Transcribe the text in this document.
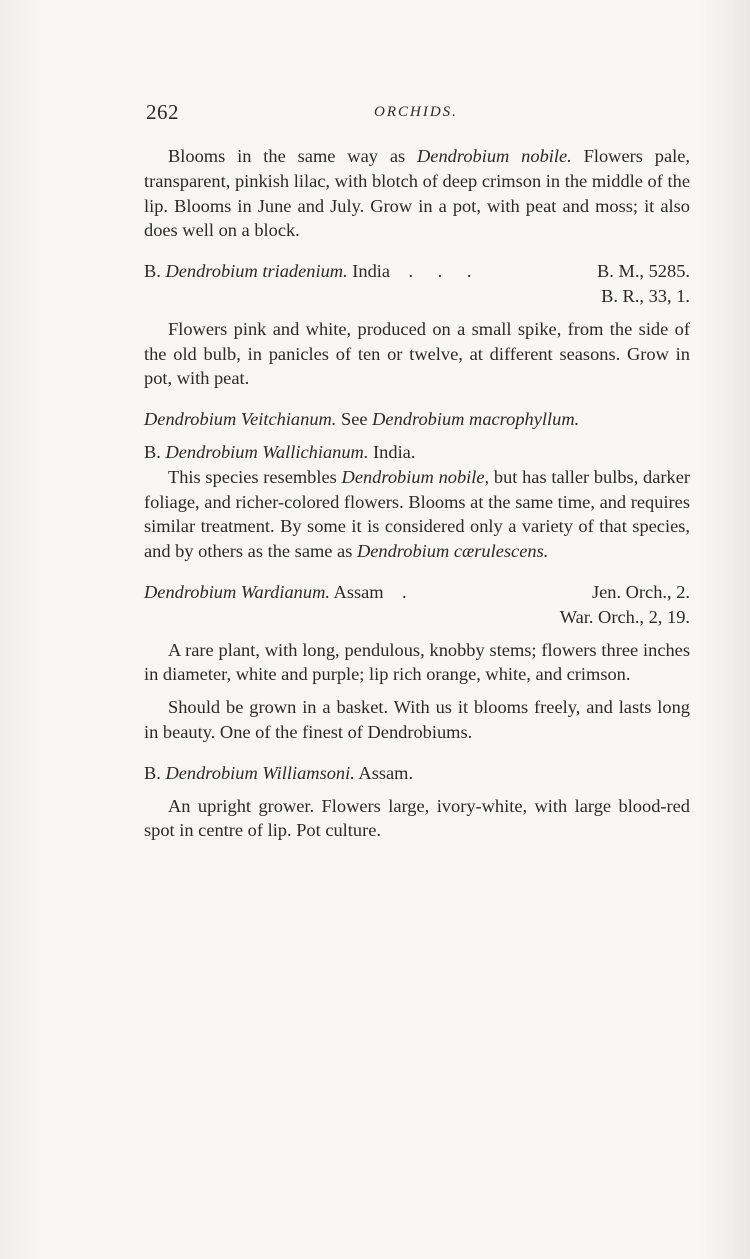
262	ORCHIDS.

Blooms in the same way as Dendrobium nobile. Flowers pale, transparent, pinkish lilac, with blotch of deep crimson in the middle of the lip. Blooms in June and July. Grow in a pot, with peat and moss; it also does well on a block.

B. Dendrobium triadenium. India . . .	B. M., 5285.
B. R., 33, 1.

Flowers pink and white, produced on a small spike, from the side of the old bulb, in panicles of ten or twelve, at different seasons. Grow in pot, with peat.

Dendrobium Veitchianum. See Dendrobium macrophyllum.
B. Dendrobium Wallichianum. India.

This species resembles Dendrobium nobile, but has taller bulbs, darker foliage, and richer-colored flowers. Blooms at the same time, and requires similar treatment. By some it is considered only a variety of that species, and by others as the same as Dendrobium cærulescens.

Dendrobium Wardianum. Assam .	Jen. Orch., 2.
War. Orch., 2, 19.

A rare plant, with long, pendulous, knobby stems; flowers three inches in diameter, white and purple; lip rich orange, white, and crimson.

Should be grown in a basket. With us it blooms freely, and lasts long in beauty. One of the finest of Dendrobiums.

B. Dendrobium Williamsoni. Assam.

An upright grower. Flowers large, ivory-white, with large blood-red spot in centre of lip. Pot culture.
